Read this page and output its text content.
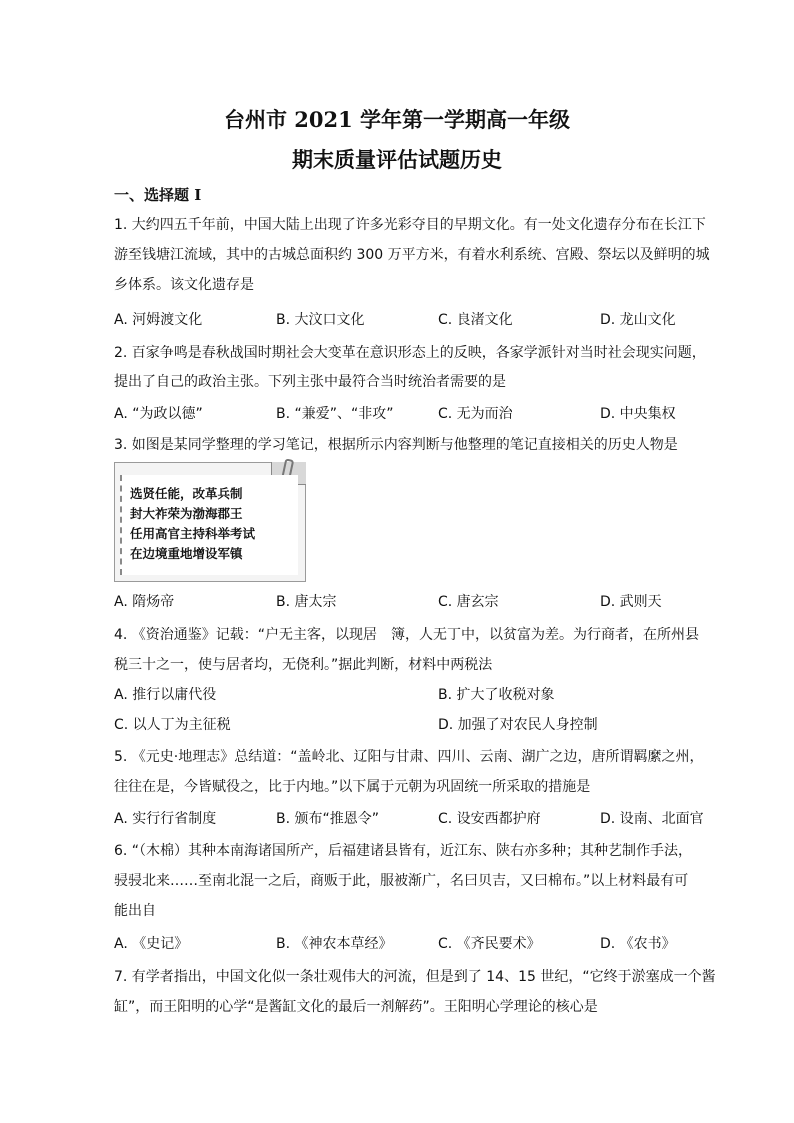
台州市 2021 学年第一学期高一年级
期末质量评估试题历史
一、选择题 I
1. 大约四五千年前，中国大陆上出现了许多光彩夺目的早期文化。有一处文化遗存分布在长江下
游至钱塘江流域，其中的古城总面积约 300 万平方米，有着水利系统、宫殿、祭坛以及鲜明的城
乡体系。该文化遗存是
A. 河姆渡文化	B. 大汶口文化	C. 良渚文化	D. 龙山文化
2. 百家争鸣是春秋战国时期社会大变革在意识形态上的反映，各家学派针对当时社会现实问题，
提出了自己的政治主张。下列主张中最符合当时统治者需要的是
A. “为政以德”	B. “兼爱”、“非攻”	C. 无为而治	D. 中央集权
3. 如图是某同学整理的学习笔记，根据所示内容判断与他整理的笔记直接相关的历史人物是
选贤任能，改革兵制
封大祚荣为渤海郡王
任用高官主持科举考试
在边境重地增设军镇
A. 隋炀帝	B. 唐太宗	C. 唐玄宗	D. 武则天
4. 《资治通鉴》记载：“户无主客，以现居　簿，人无丁中，以贫富为差。为行商者，在所州县
税三十之一，使与居者均，无侥利。”据此判断，材料中两税法
A. 推行以庸代役	B. 扩大了收税对象
C. 以人丁为主征税	D. 加强了对农民人身控制
5. 《元史·地理志》总结道：“盖岭北、辽阳与甘肃、四川、云南、湖广之边，唐所谓羁縻之州，
往往在是，今皆赋役之，比于内地。”以下属于元朝为巩固统一所采取的措施是
A. 实行行省制度	B. 颁布“推恩令”	C. 设安西都护府	D. 设南、北面官
6. “（木棉）其种本南海诸国所产，后福建诸县皆有，近江东、陕右亦多种；其种艺制作手法，
骎骎北来……至南北混一之后，商贩于此，服被渐广，名曰贝吉，又曰棉布。”以上材料最有可
能出自
A. 《史记》	B. 《神农本草经》	C. 《齐民要术》	D. 《农书》
7. 有学者指出，中国文化似一条壮观伟大的河流，但是到了 14、15 世纪，“它终于淤塞成一个酱
缸”，而王阳明的心学“是酱缸文化的最后一剂解药”。王阳明心学理论的核心是
